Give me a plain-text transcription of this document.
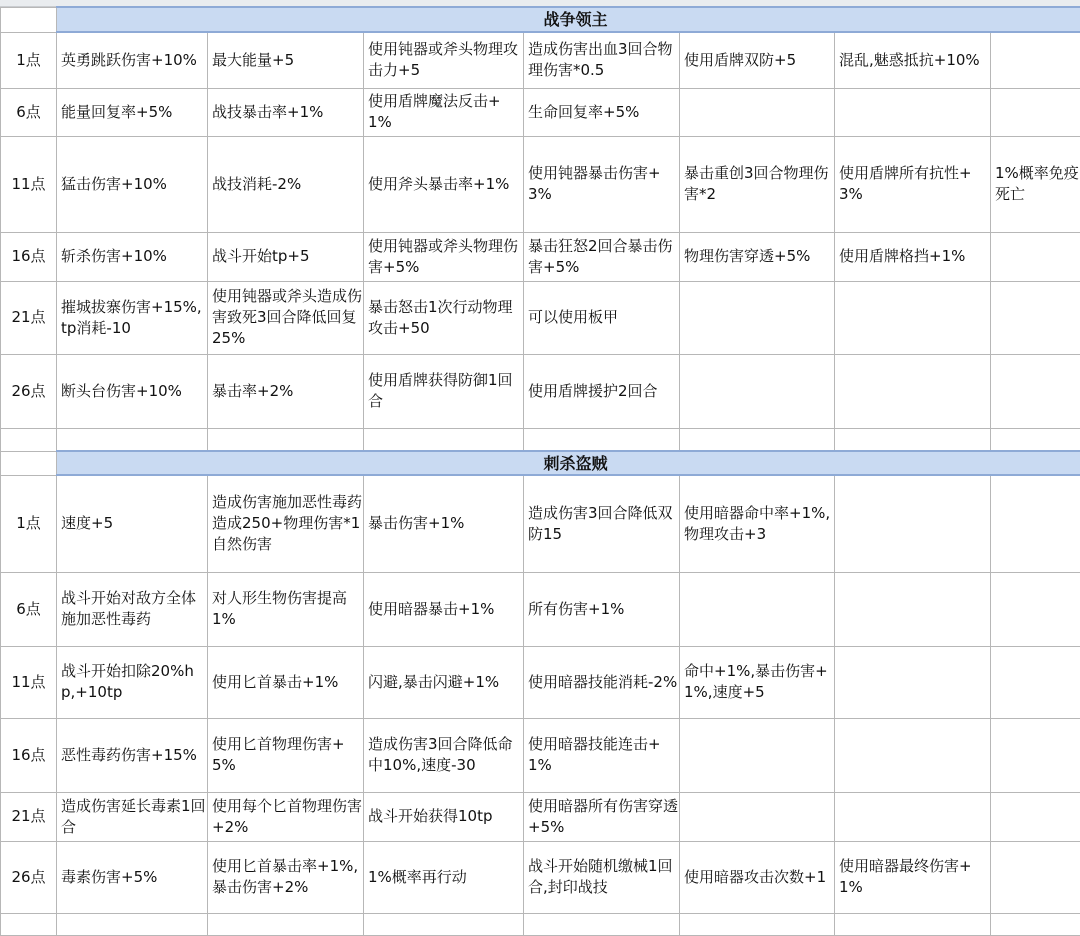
	战争领主						
1点	英勇跳跃伤害+10%	最大能量+5	使用钝器或斧头物理攻击力+5	造成伤害出血3回合物理伤害*0.5	使用盾牌双防+5	混乱,魅惑抵抗+10%	
6点	能量回复率+5%	战技暴击率+1%	使用盾牌魔法反击+1%	生命回复率+5%			
11点	猛击伤害+10%	战技消耗-2%	使用斧头暴击率+1%	使用钝器暴击伤害+3%	暴击重创3回合物理伤害*2	使用盾牌所有抗性+3%	1%概率免疫死亡
16点	斩杀伤害+10%	战斗开始tp+5	使用钝器或斧头物理伤害+5%	暴击狂怒2回合暴击伤害+5%	物理伤害穿透+5%	使用盾牌格挡+1%	
21点	摧城拔寨伤害+15%,tp消耗-10	使用钝器或斧头造成伤害致死3回合降低回复25%	暴击怒击1次行动物理攻击+50	可以使用板甲			
26点	断头台伤害+10%	暴击率+2%	使用盾牌获得防御1回合	使用盾牌援护2回合			

	刺杀盗贼						
1点	速度+5	造成伤害施加恶性毒药造成250+物理伤害*1自然伤害	暴击伤害+1%	造成伤害3回合降低双防15	使用暗器命中率+1%,物理攻击+3		
6点	战斗开始对敌方全体施加恶性毒药	对人形生物伤害提高1%	使用暗器暴击+1%	所有伤害+1%			
11点	战斗开始扣除20%hp,+10tp	使用匕首暴击+1%	闪避,暴击闪避+1%	使用暗器技能消耗-2%	命中+1%,暴击伤害+1%,速度+5		
16点	恶性毒药伤害+15%	使用匕首物理伤害+5%	造成伤害3回合降低命中10%,速度-30	使用暗器技能连击+1%			
21点	造成伤害延长毒素1回合	使用每个匕首物理伤害+2%	战斗开始获得10tp	使用暗器所有伤害穿透+5%			
26点	毒素伤害+5%	使用匕首暴击率+1%,暴击伤害+2%	1%概率再行动	战斗开始随机缴械1回合,封印战技	使用暗器攻击次数+1	使用暗器最终伤害+1%	
